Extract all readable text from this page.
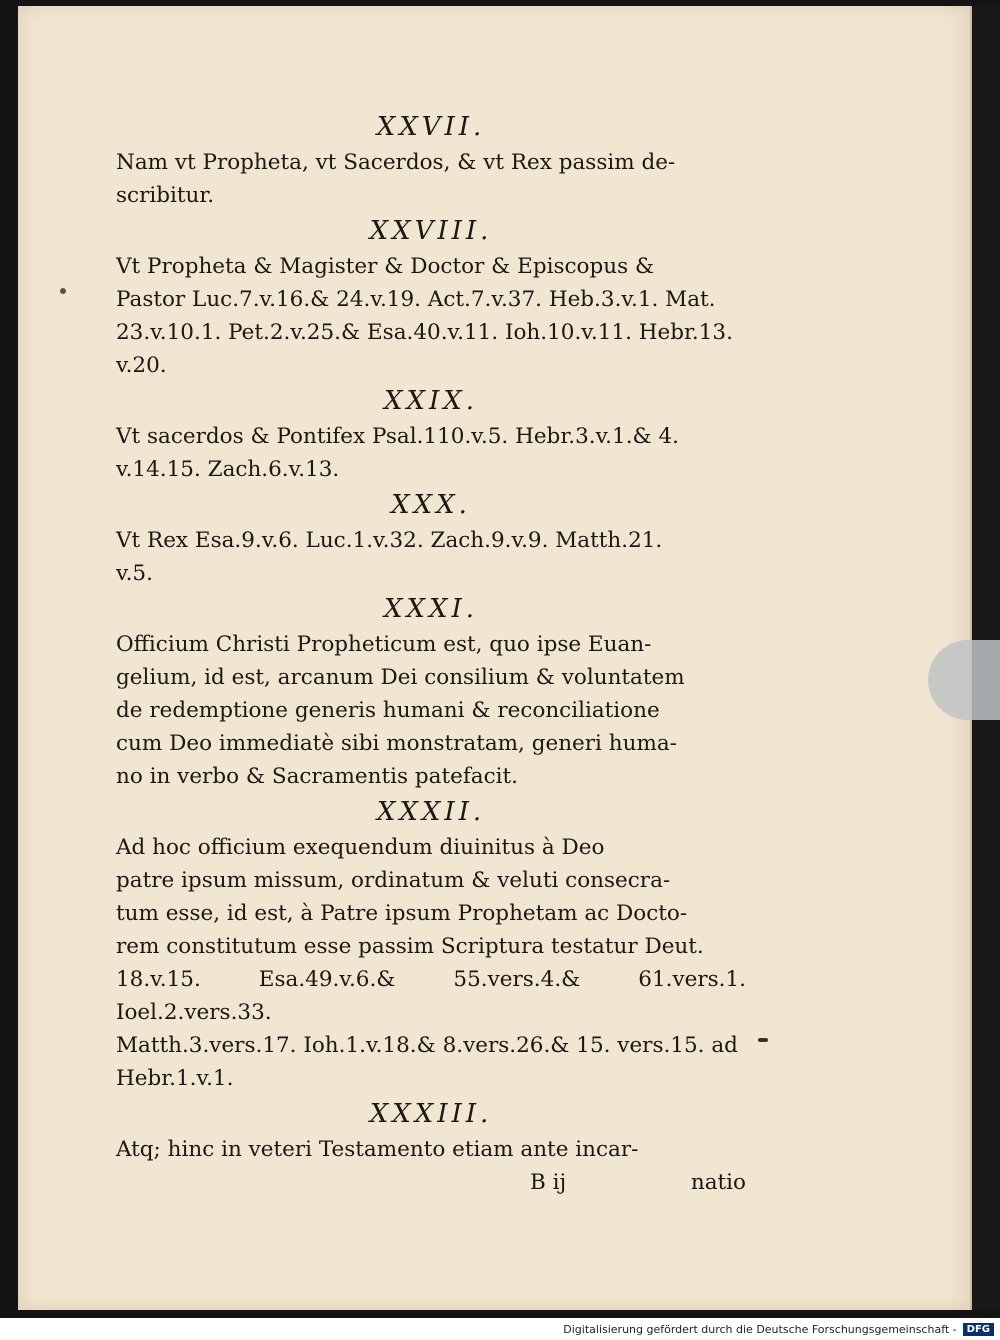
XXVII.
Nam vt Propheta, vt Sacerdos, & vt Rex passim de-
scribitur.
XXVIII.
Vt Propheta & Magister & Doctor & Episcopus &
Pastor Luc.7.v.16.& 24.v.19. Act.7.v.37. Heb.3.v.1. Mat.
23.v.10.1. Pet.2.v.25.& Esa.40.v.11. Ioh.10.v.11. Hebr.13.
v.20.
XXIX.
Vt sacerdos & Pontifex Psal.110.v.5. Hebr.3.v.1.& 4.
v.14.15. Zach.6.v.13.
XXX.
Vt Rex Esa.9.v.6. Luc.1.v.32. Zach.9.v.9. Matth.21.
v.5.
XXXI.
Officium Christi Propheticum est, quo ipse Euan-
gelium, id est, arcanum Dei consilium & voluntatem
de redemptione generis humani & reconciliatione
cum Deo immediatè sibi monstratam, generi huma-
no in verbo & Sacramentis patefacit.
XXXII.
Ad hoc officium exequendum diuinitus à Deo
patre ipsum missum, ordinatum & veluti consecra-
tum esse, id est, à Patre ipsum Prophetam ac Docto-
rem constitutum esse passim Scriptura testatur Deut.
18.v.15. Esa.49.v.6.& 55.vers.4.& 61.vers.1. Ioel.2.vers.33.
Matth.3.vers.17. Ioh.1.v.18.& 8.vers.26.& 15. vers.15. ad
Hebr.1.v.1.
XXXIII.
Atq; hinc in veteri Testamento etiam ante incar-
B ij	natio
Digitalisierung gefördert durch die Deutsche Forschungsgemeinschaft -	DFG
